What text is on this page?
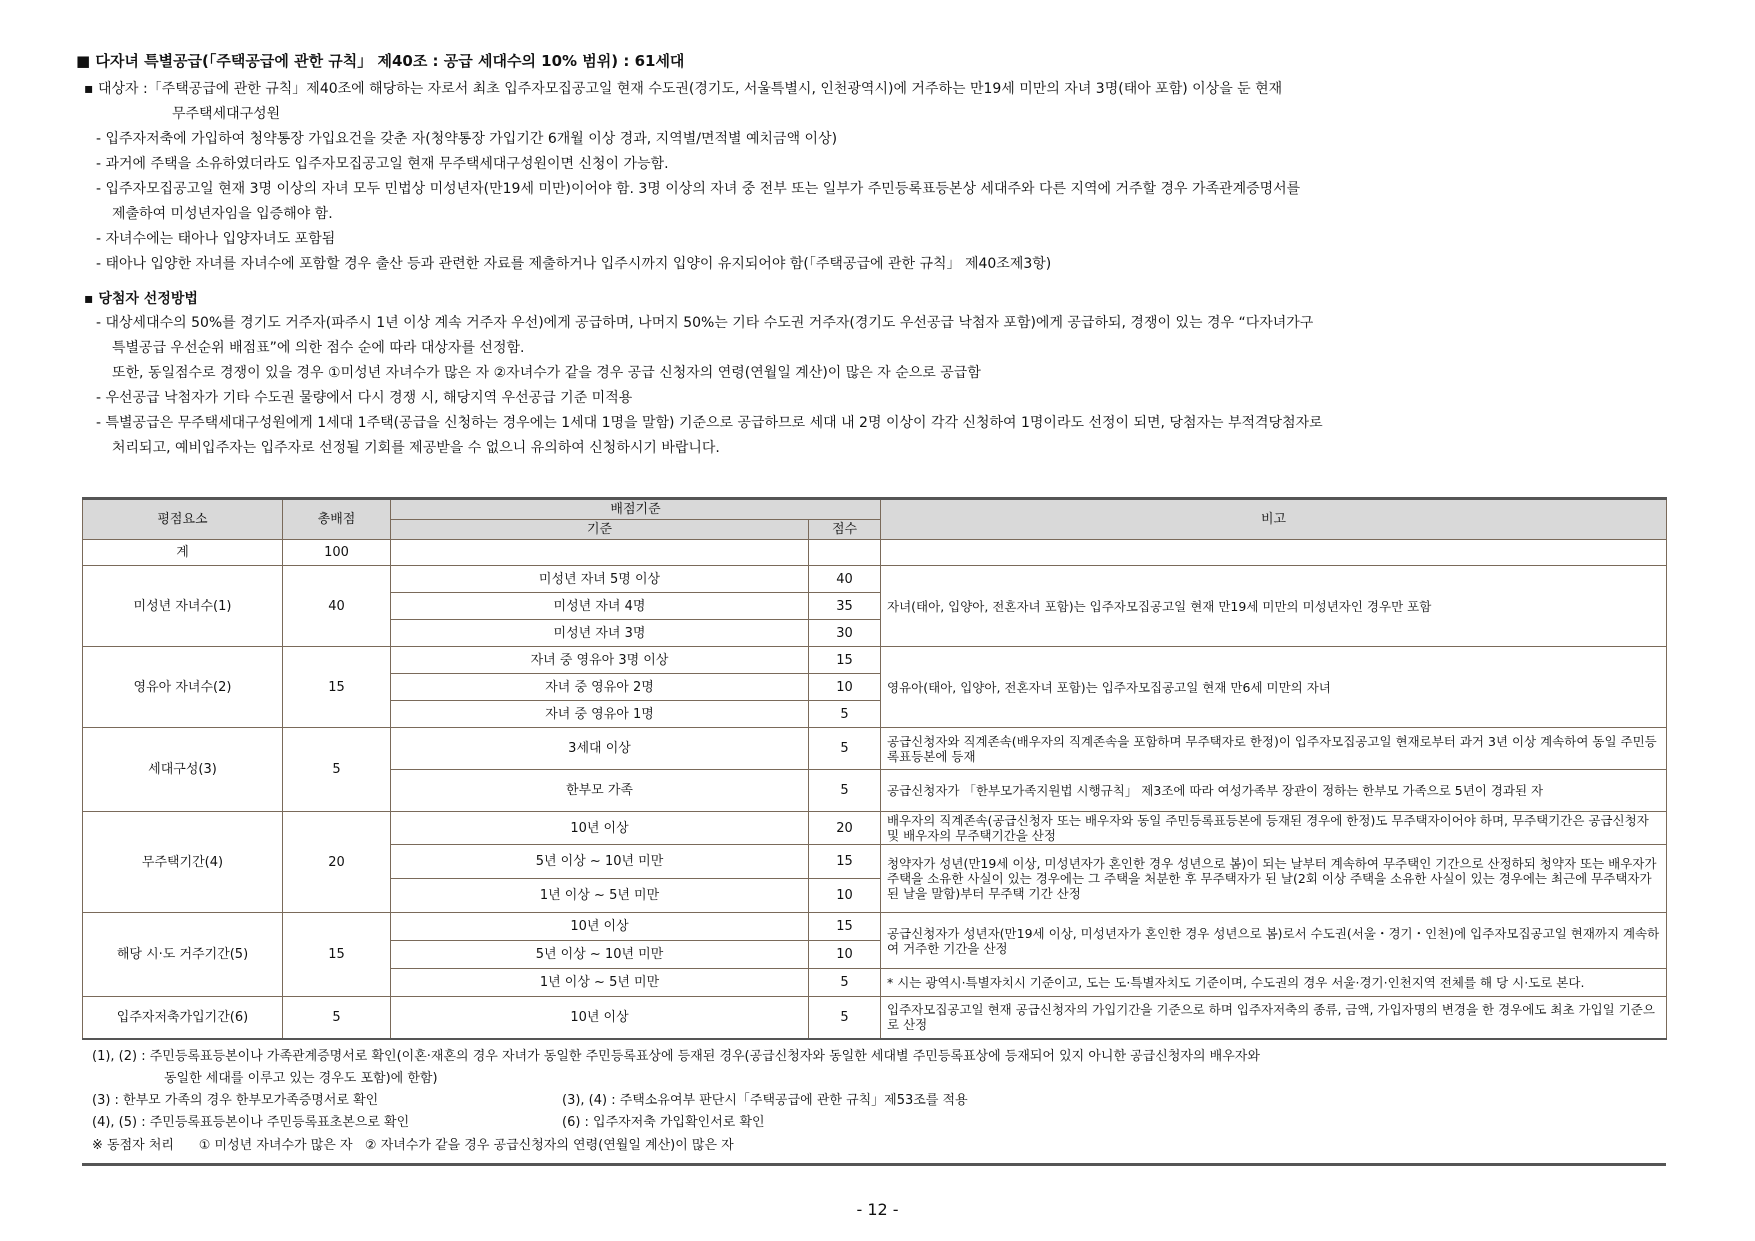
■ 다자녀 특별공급(「주택공급에 관한 규칙」 제40조 : 공급 세대수의 10% 범위) : 61세대
▪ 대상자 :「주택공급에 관한 규칙」제40조에 해당하는 자로서 최초 입주자모집공고일 현재 수도권(경기도, 서울특별시, 인천광역시)에 거주하는 만19세 미만의 자녀 3명(태아 포함) 이상을 둔 현재
무주택세대구성원
- 입주자저축에 가입하여 청약통장 가입요건을 갖춘 자(청약통장 가입기간 6개월 이상 경과, 지역별/면적별 예치금액 이상)
- 과거에 주택을 소유하였더라도 입주자모집공고일 현재 무주택세대구성원이면 신청이 가능함.
- 입주자모집공고일 현재 3명 이상의 자녀 모두 민법상 미성년자(만19세 미만)이어야 함. 3명 이상의 자녀 중 전부 또는 일부가 주민등록표등본상 세대주와 다른 지역에 거주할 경우 가족관계증명서를
제출하여 미성년자임을 입증해야 함.
- 자녀수에는 태아나 입양자녀도 포함됨
- 태아나 입양한 자녀를 자녀수에 포함할 경우 출산 등과 관련한 자료를 제출하거나 입주시까지 입양이 유지되어야 함(「주택공급에 관한 규칙」 제40조제3항)
▪ 당첨자 선정방법
- 대상세대수의 50%를 경기도 거주자(파주시 1년 이상 계속 거주자 우선)에게 공급하며, 나머지 50%는 기타 수도권 거주자(경기도 우선공급 낙첨자 포함)에게 공급하되, 경쟁이 있는 경우 “다자녀가구
특별공급 우선순위 배점표”에 의한 점수 순에 따라 대상자를 선정함.
또한, 동일점수로 경쟁이 있을 경우 ①미성년 자녀수가 많은 자 ②자녀수가 같을 경우 공급 신청자의 연령(연월일 계산)이 많은 자 순으로 공급함
- 우선공급 낙첨자가 기타 수도권 물량에서 다시 경쟁 시, 해당지역 우선공급 기준 미적용
- 특별공급은 무주택세대구성원에게 1세대 1주택(공급을 신청하는 경우에는 1세대 1명을 말함) 기준으로 공급하므로 세대 내 2명 이상이 각각 신청하여 1명이라도 선정이 되면, 당첨자는 부적격당첨자로
처리되고, 예비입주자는 입주자로 선정될 기회를 제공받을 수 없으니 유의하여 신청하시기 바랍니다.
평점요소	총배점	배점기준		비고
		기준	점수	
계	100			
미성년 자녀수(1)	40	미성년 자녀 5명 이상	40	자녀(태아, 입양아, 전혼자녀 포함)는 입주자모집공고일 현재 만19세 미만의 미성년자인 경우만 포함
		미성년 자녀 4명	35	
		미성년 자녀 3명	30	
영유아 자녀수(2)	15	자녀 중 영유아 3명 이상	15	영유아(태아, 입양아, 전혼자녀 포함)는 입주자모집공고일 현재 만6세 미만의 자녀
		자녀 중 영유아 2명	10	
		자녀 중 영유아 1명	5	
세대구성(3)	5	3세대 이상	5	공급신청자와 직계존속(배우자의 직계존속을 포함하며 무주택자로 한정)이 입주자모집공고일 현재로부터 과거 3년 이상 계속하여 동일 주민등록표등본에 등재
		한부모 가족	5	공급신청자가 「한부모가족지원법 시행규칙」 제3조에 따라 여성가족부 장관이 정하는 한부모 가족으로 5년이 경과된 자
무주택기간(4)	20	10년 이상	20	배우자의 직계존속(공급신청자 또는 배우자와 동일 주민등록표등본에 등재된 경우에 한정)도 무주택자이어야 하며, 무주택기간은 공급신청자 및 배우자의 무주택기간을 산정
		5년 이상 ~ 10년 미만	15	청약자가 성년(만19세 이상, 미성년자가 혼인한 경우 성년으로 봄)이 되는 날부터 계속하여 무주택인 기간으로 산정하되 청약자 또는 배우자가 주택을 소유한 사실이 있는 경우에는 그 주택을 처분한 후 무주택자가 된 날(2회 이상 주택을 소유한 사실이 있는 경우에는 최근에 무주택자가 된 날을 말함)부터 무주택 기간 산정
		1년 이상 ~ 5년 미만	10	
해당 시·도 거주기간(5)	15	10년 이상	15	공급신청자가 성년자(만19세 이상, 미성년자가 혼인한 경우 성년으로 봄)로서 수도권(서울・경기・인천)에 입주자모집공고일 현재까지 계속하여 거주한 기간을 산정
		5년 이상 ~ 10년 미만	10	
		1년 이상 ~ 5년 미만	5	* 시는 광역시·특별자치시 기준이고, 도는 도·특별자치도 기준이며, 수도권의 경우 서울·경기·인천지역 전체를 해 당 시·도로 본다.
입주자저축가입기간(6)	5	10년 이상	5	입주자모집공고일 현재 공급신청자의 가입기간을 기준으로 하며 입주자저축의 종류, 금액, 가입자명의 변경을 한 경우에도 최초 가입일 기준으로 산정
(1), (2) : 주민등록표등본이나 가족관계증명서로 확인(이혼·재혼의 경우 자녀가 동일한 주민등록표상에 등재된 경우(공급신청자와 동일한 세대별 주민등록표상에 등재되어 있지 아니한 공급신청자의 배우자와
동일한 세대를 이루고 있는 경우도 포함)에 한함)
(3) : 한부모 가족의 경우 한부모가족증명서로 확인	(3), (4) : 주택소유여부 판단시「주택공급에 관한 규칙」제53조를 적용
(4), (5) : 주민등록표등본이나 주민등록표초본으로 확인	(6) : 입주자저축 가입확인서로 확인
※ 동점자 처리      ① 미성년 자녀수가 많은 자   ② 자녀수가 같을 경우 공급신청자의 연령(연월일 계산)이 많은 자
- 12 -
